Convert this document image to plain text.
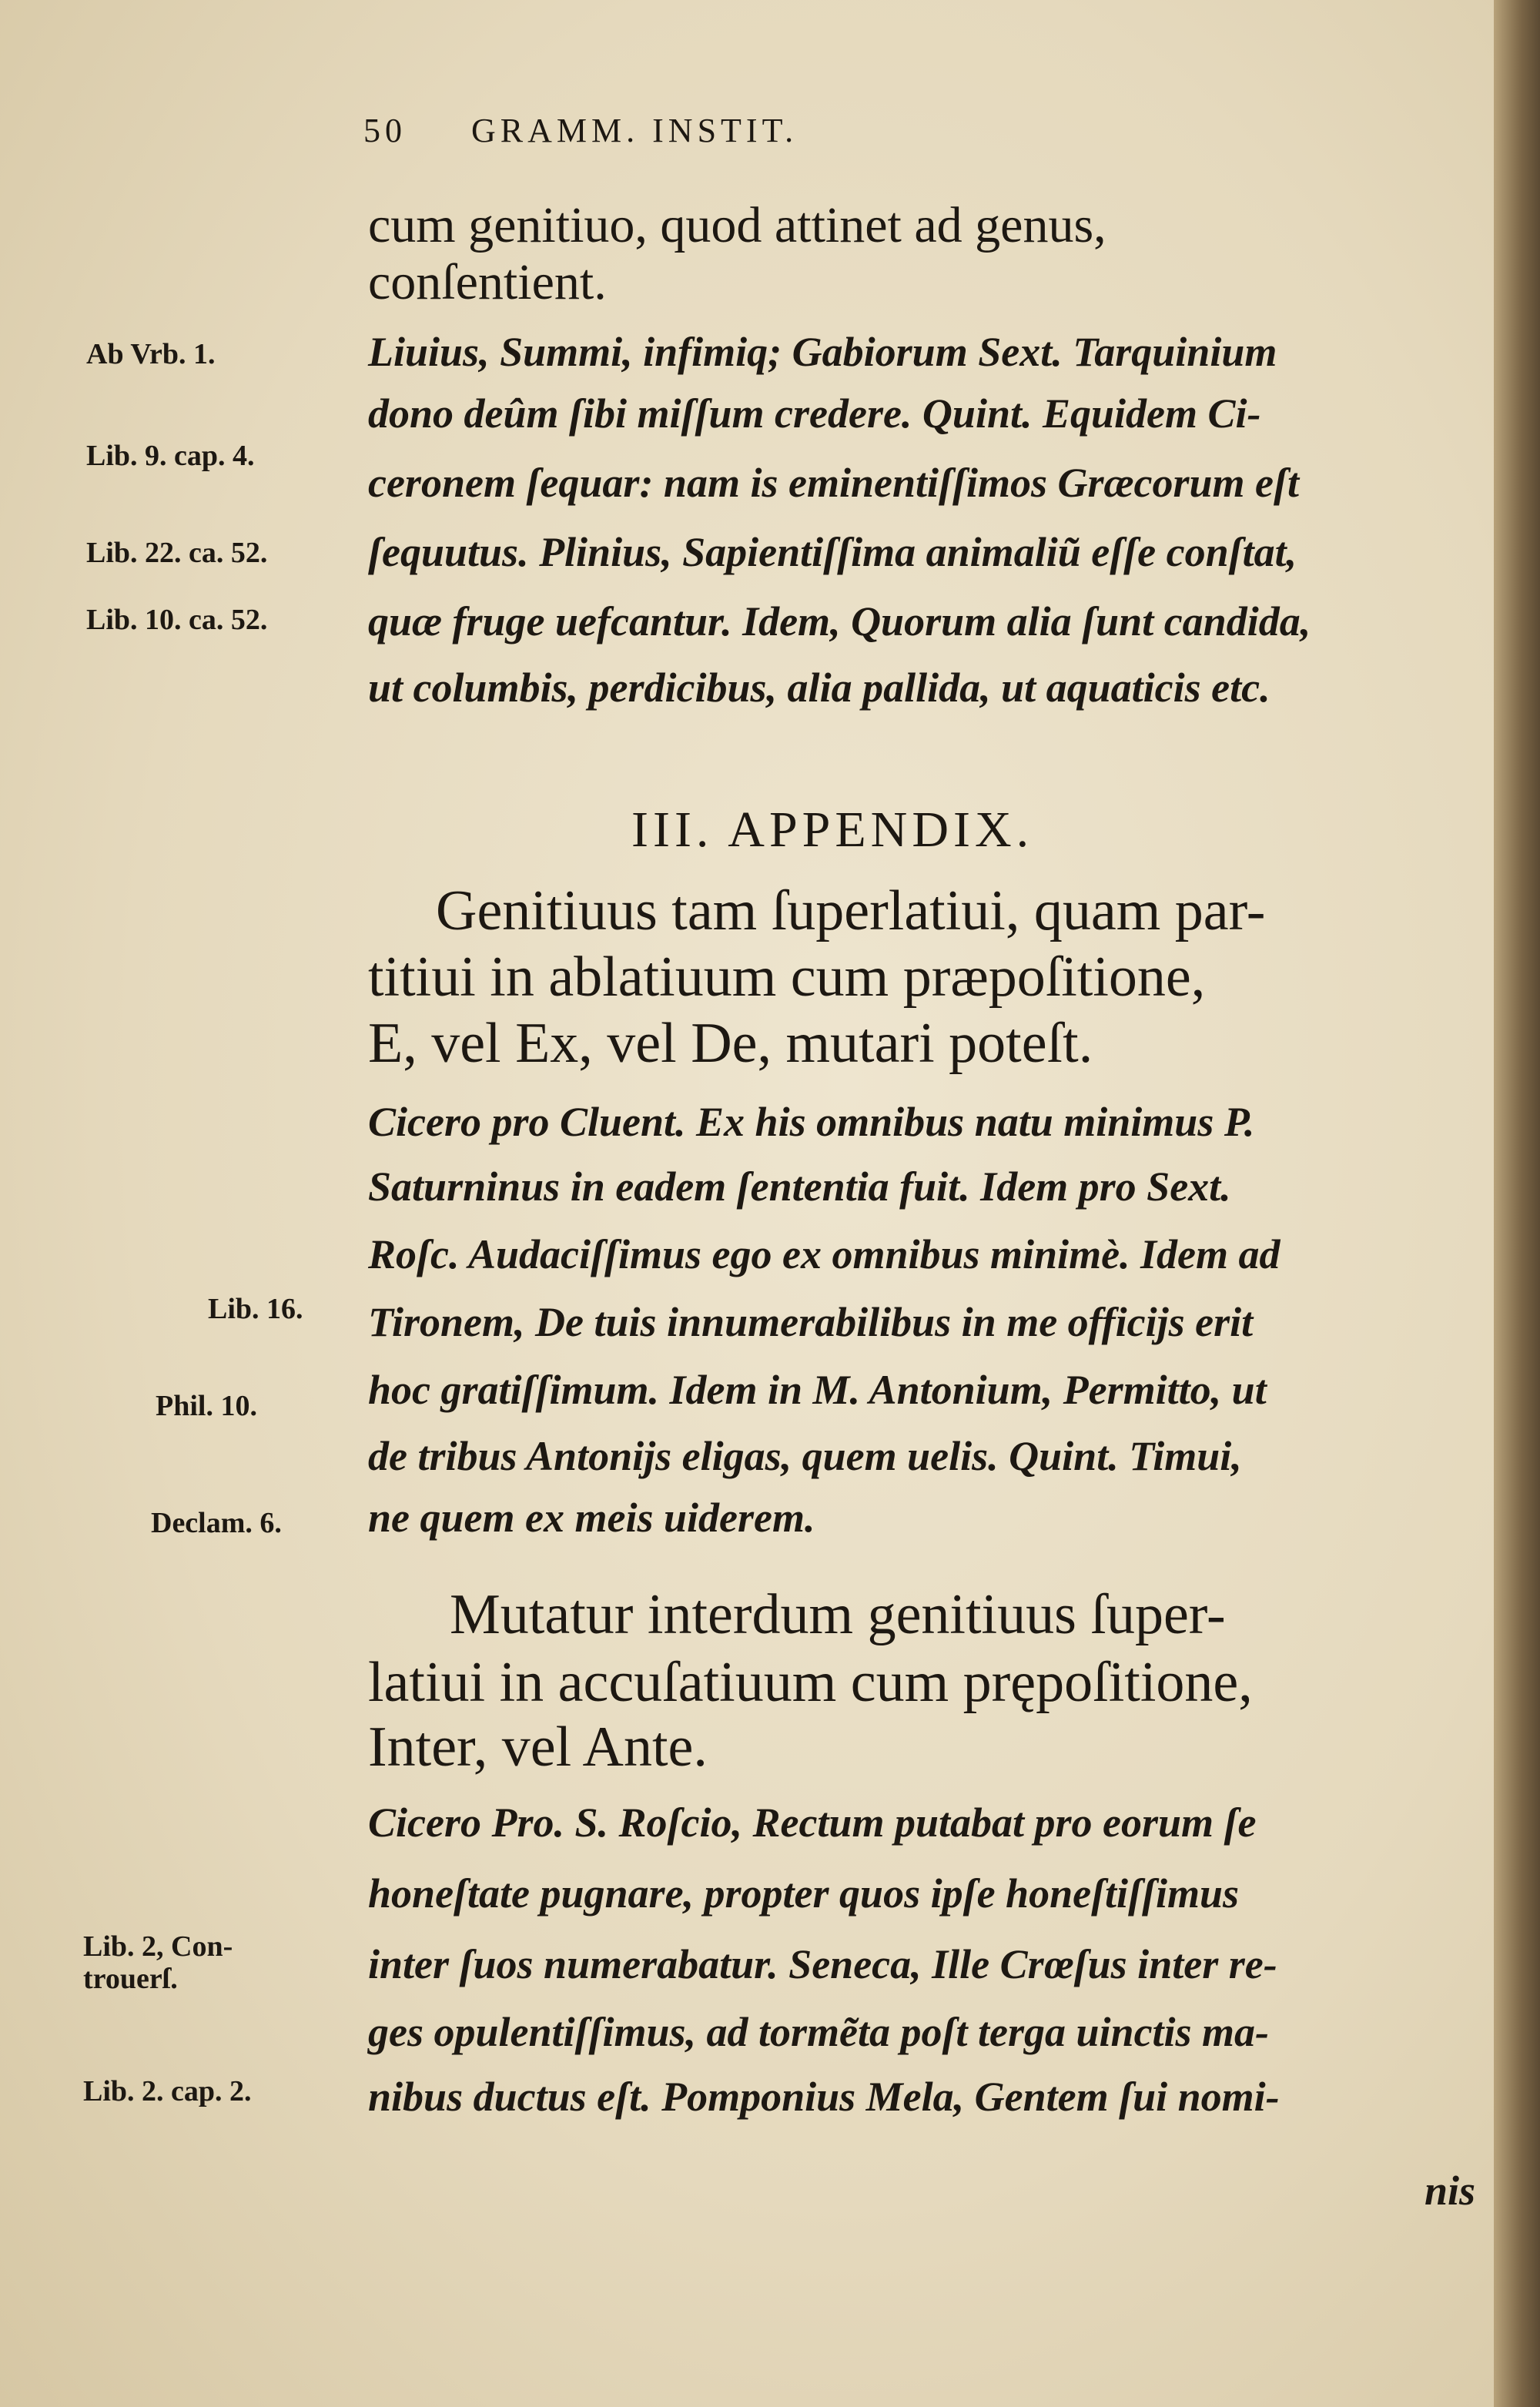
50 GRAMM. INSTIT.
Ab Vrb. 1.
Lib. 9. cap. 4.
Lib. 22. ca. 52.
Lib. 10. ca. 52.
Lib. 16.
Phil. 10.
Declam. 6.
Lib. 2, Con-
trouerſ.
Lib. 2. cap. 2.
cum genitiuo, quod attinet ad genus,
conſentient.
Liuius, Summi, infimiq; Gabiorum Sext. Tarquinium
dono deûm ſibi miſſum credere. Quint. Equidem Ci-
ceronem ſequar: nam is eminentiſſimos Græcorum eſt
ſequutus. Plinius, Sapientiſſima animaliũ eſſe conſtat,
quæ fruge uefcantur. Idem, Quorum alia ſunt candida,
ut columbis, perdicibus, alia pallida, ut aquaticis etc.
III. APPENDIX.
Genitiuus tam ſuperlatiui, quam par-
titiui in ablatiuum cum præpoſitione,
E, vel Ex, vel De, mutari poteſt.
Cicero pro Cluent. Ex his omnibus natu minimus P.
Saturninus in eadem ſententia fuit. Idem pro Sext.
Roſc. Audaciſſimus ego ex omnibus minimè. Idem ad
Tironem, De tuis innumerabilibus in me officijs erit
hoc gratiſſimum. Idem in M. Antonium, Permitto, ut
de tribus Antonijs eligas, quem uelis. Quint. Timui,
ne quem ex meis uiderem.
Mutatur interdum genitiuus ſuper-
latiui in accuſatiuum cum prępoſitione,
Inter, vel Ante.
Cicero Pro. S. Roſcio, Rectum putabat pro eorum ſe
honeſtate pugnare, propter quos ipſe honeſtiſſimus
inter ſuos numerabatur. Seneca, Ille Crœſus inter re-
ges opulentiſſimus, ad tormẽta poſt terga uinctis ma-
nibus ductus eſt. Pomponius Mela, Gentem ſui nomi-
nis
